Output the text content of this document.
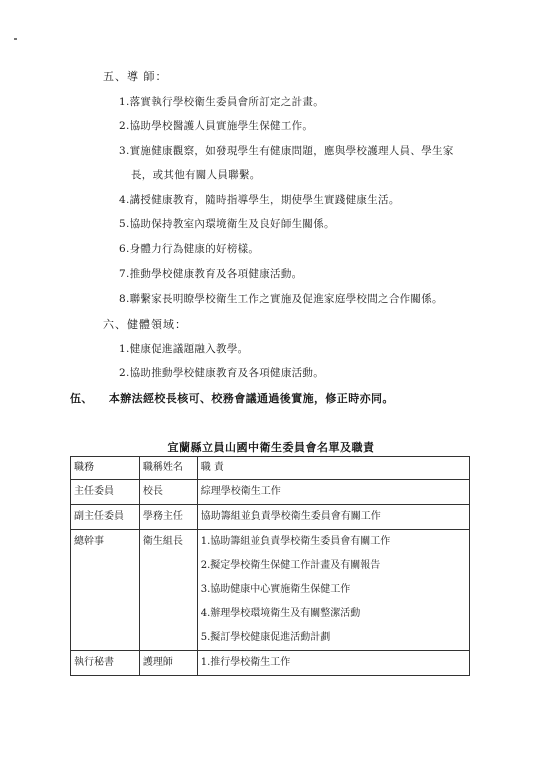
五、導 師：
1.落實執行學校衛生委員會所訂定之計畫。
2.協助學校醫護人員實施學生保健工作。
3.實施健康觀察，如發現學生有健康問題，應與學校護理人員、學生家
長，或其他有關人員聯繫。
4.講授健康教育，隨時指導學生，期使學生實踐健康生活。
5.協助保持教室內環境衛生及良好師生關係。
6.身體力行為健康的好榜樣。
7.推動學校健康教育及各項健康活動。
8.聯繫家長明瞭學校衛生工作之實施及促進家庭學校間之合作關係。
六、健體領域：
1.健康促進議題融入教學。
2.協助推動學校健康教育及各項健康活動。
伍、 本辦法經校長核可、校務會議通過後實施，修正時亦同。
宜蘭縣立員山國中衛生委員會名單及職責
職務	職稱姓名	職 責
主任委員	校長	綜理學校衛生工作

副主任委員	學務主任	協助籌組並負責學校衛生委員會有關工作

總幹事	衛生組長	1.協助籌組並負責學校衛生委員會有關工作
2.擬定學校衛生保健工作計畫及有關報告
3.協助健康中心實施衛生保健工作
4.辦理學校環境衛生及有關整潔活動
5.擬訂學校健康促進活動計劃

執行秘書	護理師	1.推行學校衛生工作
